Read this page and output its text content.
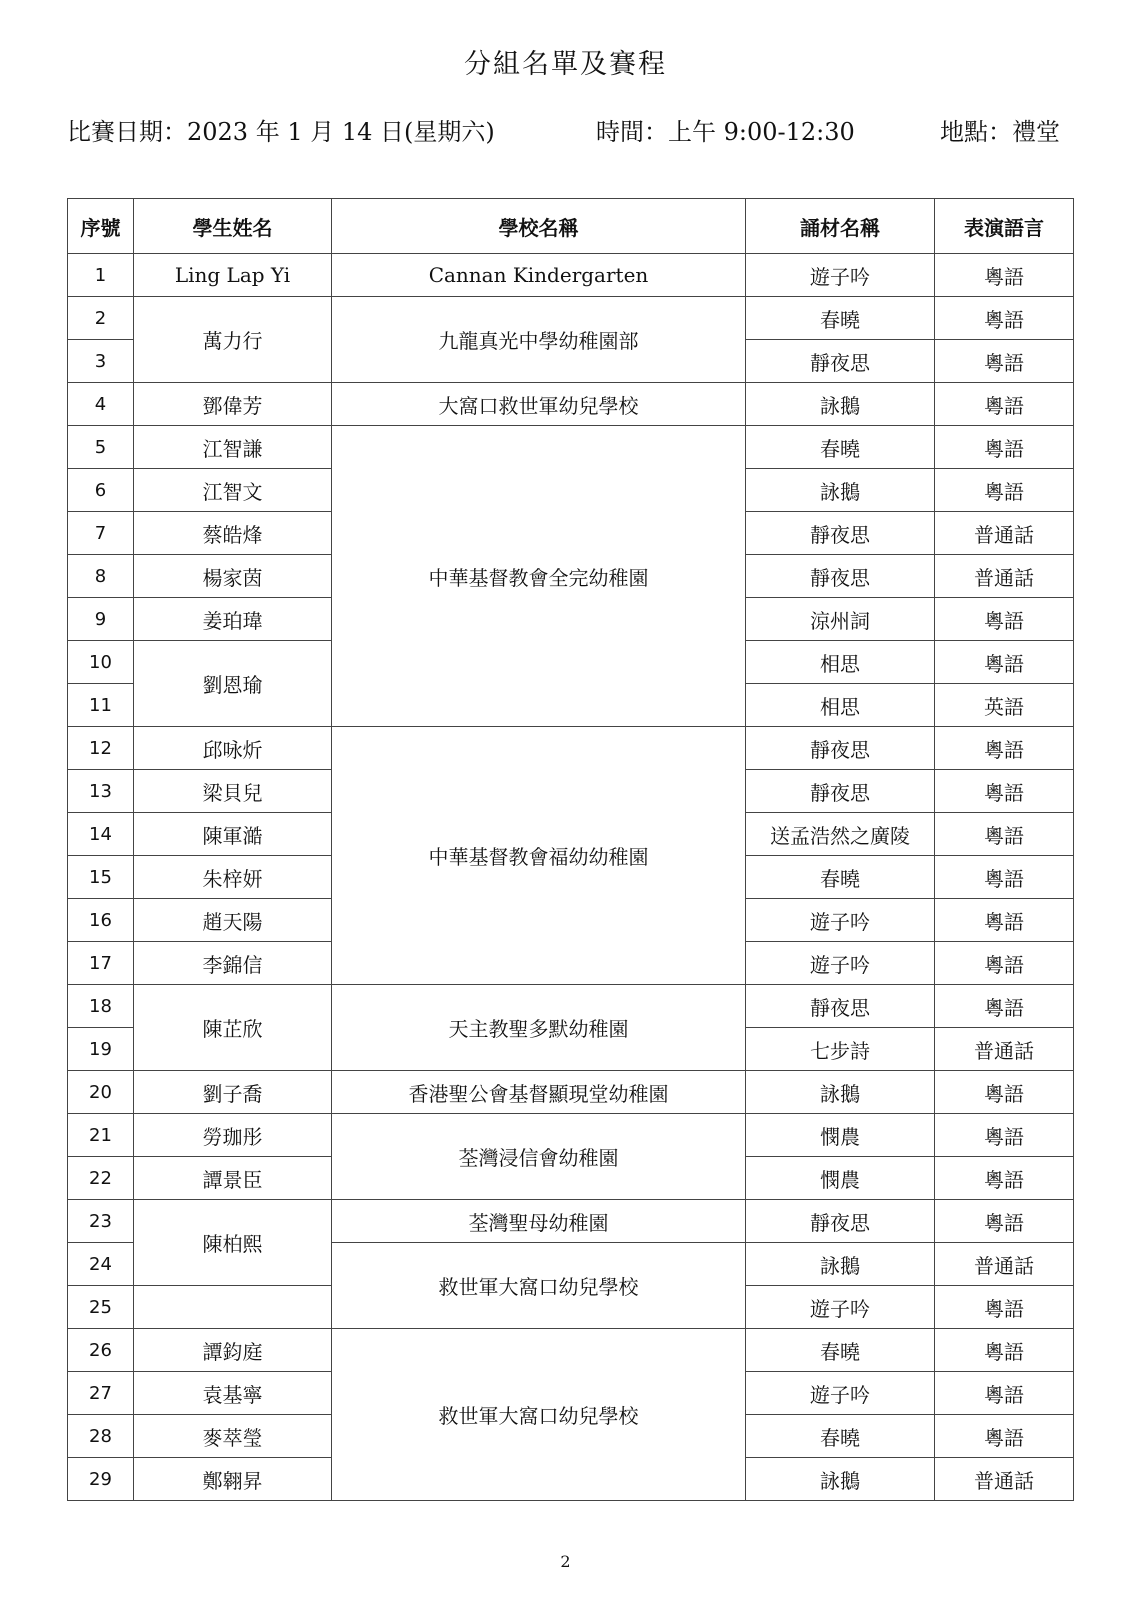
分組名單及賽程
比賽日期：2023 年 1 月 14 日(星期六)	時間：上午 9:00-12:30	地點：禮堂
序號	學生姓名	學校名稱	誦材名稱	表演語言
1	Ling Lap Yi	Cannan Kindergarten	遊子吟	粵語
2	萬力行	九龍真光中學幼稚園部	春曉	粵語
3			靜夜思	粵語
4	鄧偉芳	大窩口救世軍幼兒學校	詠鵝	粵語
5	江智謙	中華基督教會全完幼稚園	春曉	粵語
6	江智文		詠鵝	粵語
7	蔡皓烽		靜夜思	普通話
8	楊家茵		靜夜思	普通話
9	姜珀瑋		涼州詞	粵語
10	劉恩瑜		相思	粵語
11			相思	英語
12	邱咏炘	中華基督教會福幼幼稚園	靜夜思	粵語
13	梁貝兒		靜夜思	粵語
14	陳軍澔		送孟浩然之廣陵	粵語
15	朱梓妍		春曉	粵語
16	趙天陽		遊子吟	粵語
17	李錦信		遊子吟	粵語
18	陳芷欣	天主教聖多默幼稚園	靜夜思	粵語
19			七步詩	普通話
20	劉子喬	香港聖公會基督顯現堂幼稚園	詠鵝	粵語
21	勞珈彤	荃灣浸信會幼稚園	憫農	粵語
22	譚景臣		憫農	粵語
23	陳柏熙	荃灣聖母幼稚園	靜夜思	粵語
24		救世軍大窩口幼兒學校	詠鵝	普通話
25			遊子吟	粵語
26	譚鈞庭	救世軍大窩口幼兒學校	春曉	粵語
27	袁基寧		遊子吟	粵語
28	麥萃瑩		春曉	粵語
29	鄭翱昇		詠鵝	普通話
2
